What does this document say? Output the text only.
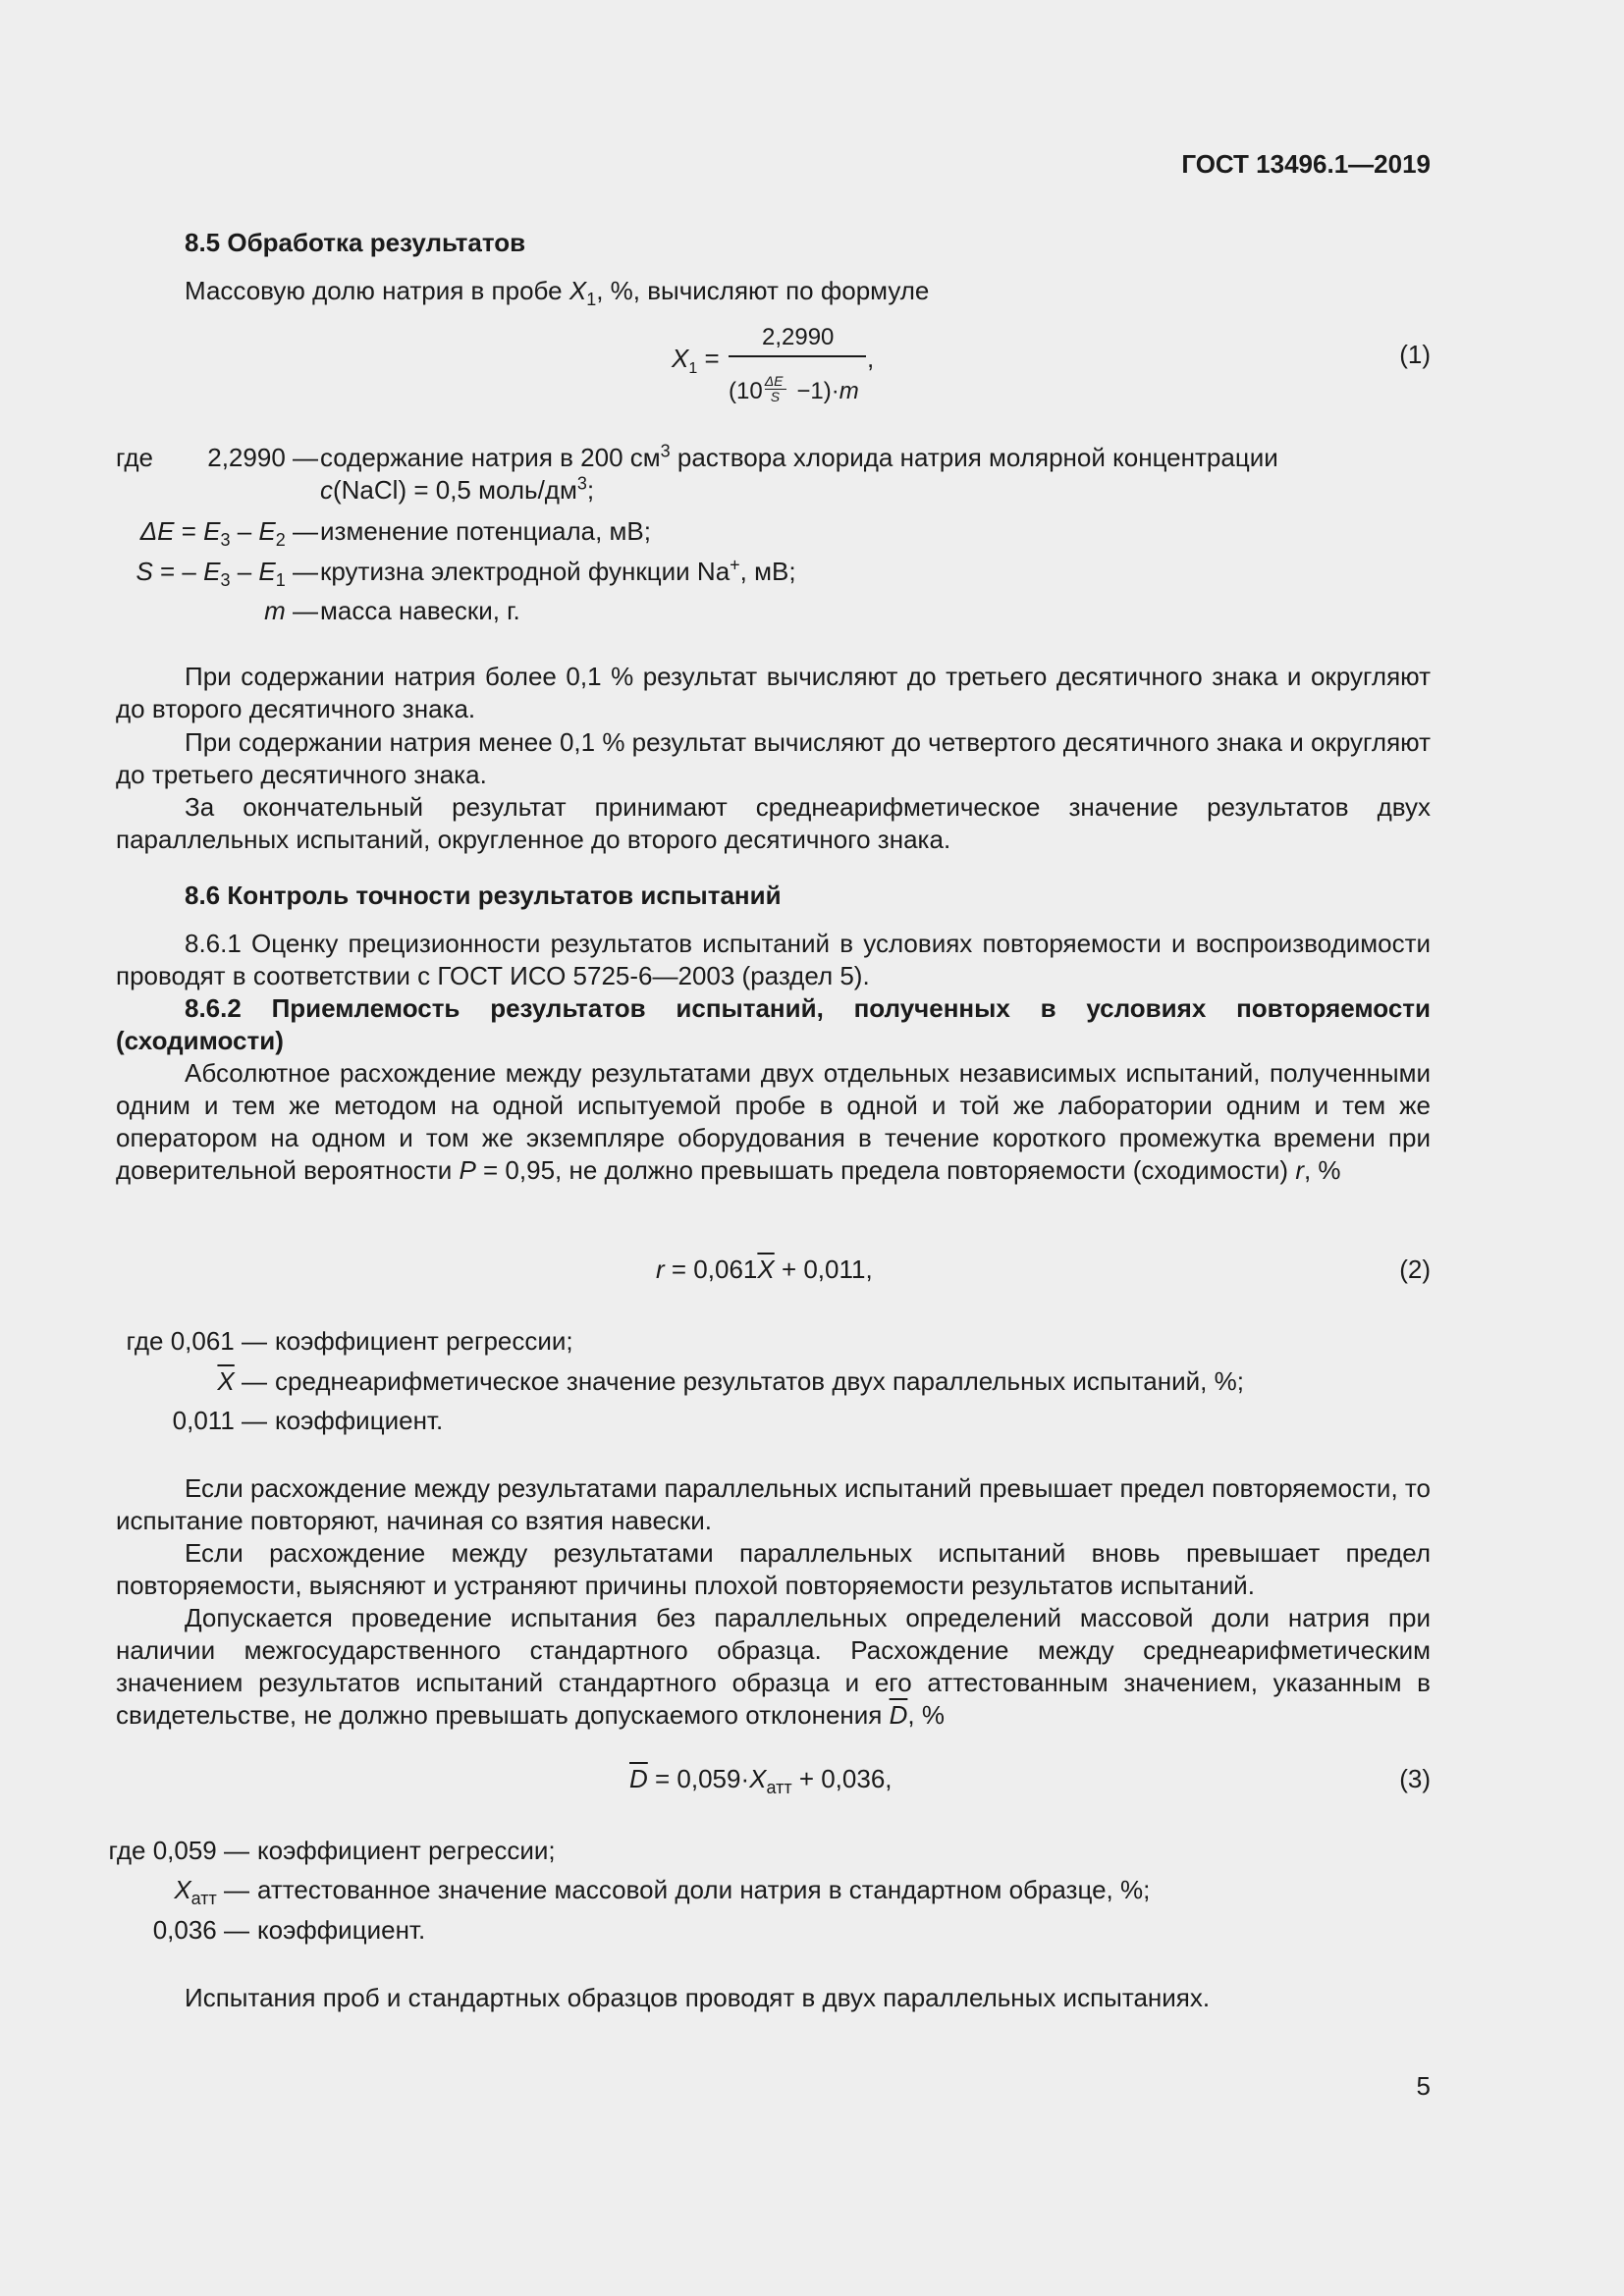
ГОСТ 13496.1—2019
8.5 Обработка результатов
Массовую долю натрия в пробе $X_1$, %, вычисляют по формуле
$X_1$ =
2,2990
,
(10
$\frac{\Delta E}{S}$
−1)·m
(1)
где 2,2990 — содержание натрия в 200 $см^3$ раствора хлорида натрия молярной концентрации
c(NaCl) = 0,5 моль/$дм^3$;
$\Delta E = E_3 - E_2$ — изменение потенциала, мВ;
S = – $E_3 - E_1$ — крутизна электродной функции Na+, мВ;
m — масса навески, г.
При содержании натрия более 0,1 % результат вычисляют до третьего десятичного знака и округляют до второго десятичного знака.
При содержании натрия менее 0,1 % результат вычисляют до четвертого десятичного знака и округляют до третьего десятичного знака.
За окончательный результат принимают среднеарифметическое значение результатов двух параллельных испытаний, округленное до второго десятичного знака.
8.6 Контроль точности результатов испытаний
8.6.1 Оценку прецизионности результатов испытаний в условиях повторяемости и воспроизводимости проводят в соответствии с ГОСТ ИСО 5725-6—2003 (раздел 5).
8.6.2 Приемлемость результатов испытаний, полученных в условиях повторяемости (сходимости)
Абсолютное расхождение между результатами двух отдельных независимых испытаний, полученными одним и тем же методом на одной испытуемой пробе в одной и той же лаборатории одним и тем же оператором на одном и том же экземпляре оборудования в течение короткого промежутка времени при доверительной вероятности P = 0,95, не должно превышать предела повторяемости (сходимости) r, %
$r = 0,061\overline{X} + 0,011$,	(2)
где 0,061 — коэффициент регрессии;
$\overline{X}$ — среднеарифметическое значение результатов двух параллельных испытаний, %;
0,011 — коэффициент.
Если расхождение между результатами параллельных испытаний превышает предел повторяемости, то испытание повторяют, начиная со взятия навески.
Если расхождение между результатами параллельных испытаний вновь превышает предел повторяемости, выясняют и устраняют причины плохой повторяемости результатов испытаний.
Допускается проведение испытания без параллельных определений массовой доли натрия при наличии межгосударственного стандартного образца. Расхождение между среднеарифметическим значением результатов испытаний стандартного образца и его аттестованным значением, указанным в свидетельстве, не должно превышать допускаемого отклонения $\overline{D}$, %
$\overline{D} = 0,059\cdot X_{атт} + 0,036$,	(3)
где 0,059 — коэффициент регрессии;
$X_{атт}$ — аттестованное значение массовой доли натрия в стандартном образце, %;
0,036 — коэффициент.
Испытания проб и стандартных образцов проводят в двух параллельных испытаниях.
5
